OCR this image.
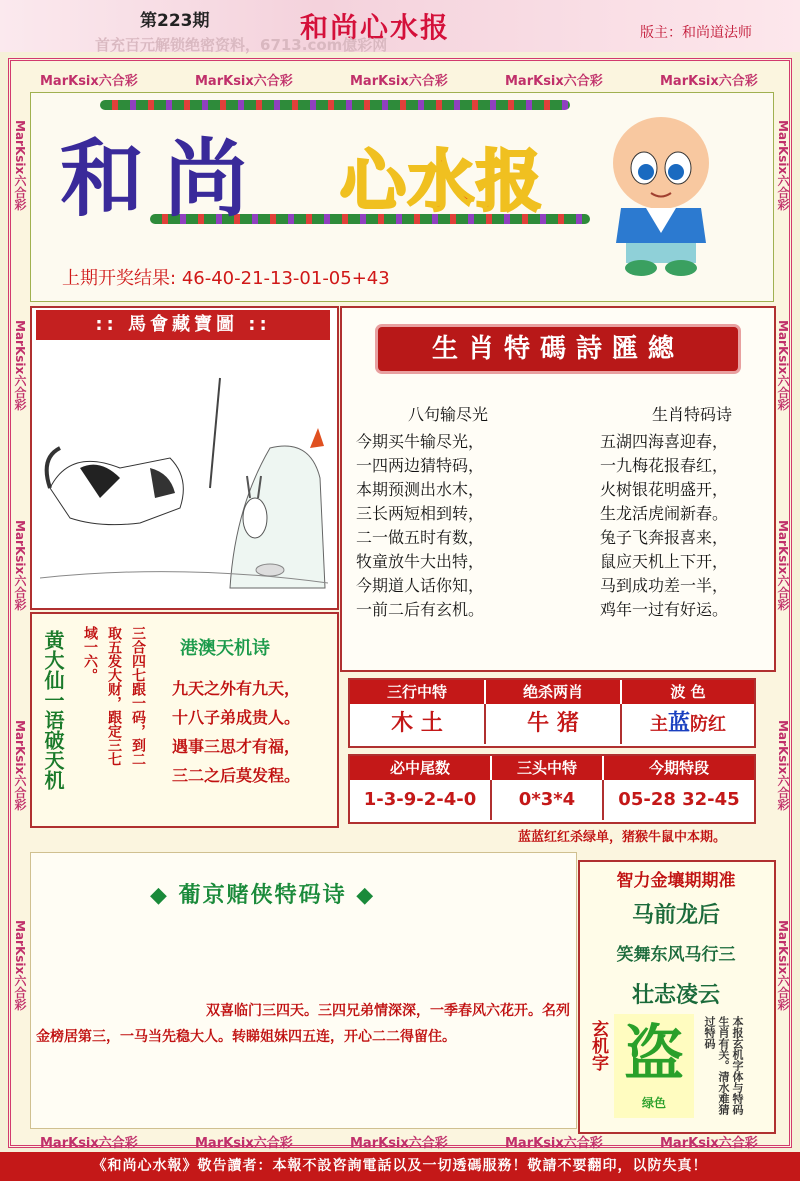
第223期	和尚心水报	版主：和尚道法师
首充百元解锁绝密资料，6713.com億彩网
MarKsix六合彩	MarKsix六合彩	MarKsix六合彩	MarKsix六合彩	MarKsix六合彩
MarKsix六合彩	MarKsix六合彩	MarKsix六合彩	MarKsix六合彩	MarKsix六合彩
MarKsix六合彩
MarKsix六合彩
MarKsix六合彩
MarKsix六合彩
MarKsix六合彩
MarKsix六合彩
MarKsix六合彩
MarKsix六合彩
MarKsix六合彩
MarKsix六合彩
和尚 心水报
上期开奖结果: 46-40-21-13-01-05+43
:: 馬會藏寶圖 ::
生肖特碼詩匯總
八句输尽光
今期买牛输尽光，
一四两边猜特码，
本期预测出水木，
三长两短相到转，
二一做五时有数，
牧童放牛大出特，
今期道人话你知，
一前二后有玄机。
生肖特码诗
五湖四海喜迎春，
一九梅花报春红，
火树银花明盛开，
生龙活虎闹新春。
兔子飞奔报喜来，
鼠应天机上下开，
马到成功差一半，
鸡年一过有好运。
黄大仙一语破天机	三合四七跟一码，到二
取五发大财，跟定三七
域一六。	港澳天机诗
九天之外有九天，
十八子弟成贵人。
遇事三思才有福，
三二之后莫发程。
三行中特	绝杀两肖	波 色
木 土	牛 猪	主蓝防红
必中尾数	三头中特	今期特段
1-3-9-2-4-0	0*3*4	05-28 32-45
蓝蓝红红杀绿单，猪猴牛鼠中本期。
◆ 葡京赌侠特码诗 ◆
双喜临门三四天。三四兄弟情深深，一季春风六花开。名列金榜居第三，一马当先稳大人。转睇姐妹四五连，开心二二得留住。
智力金壤期期准
马前龙后
笑舞东风马行三
壮志凌云
玄机字 盗
绿色	本报玄机字体与特码生肖有关。清水难猜过特码
《和尚心水報》敬告讀者：本報不設咨詢電話以及一切透碼服務！敬請不要翻印，以防失真！
